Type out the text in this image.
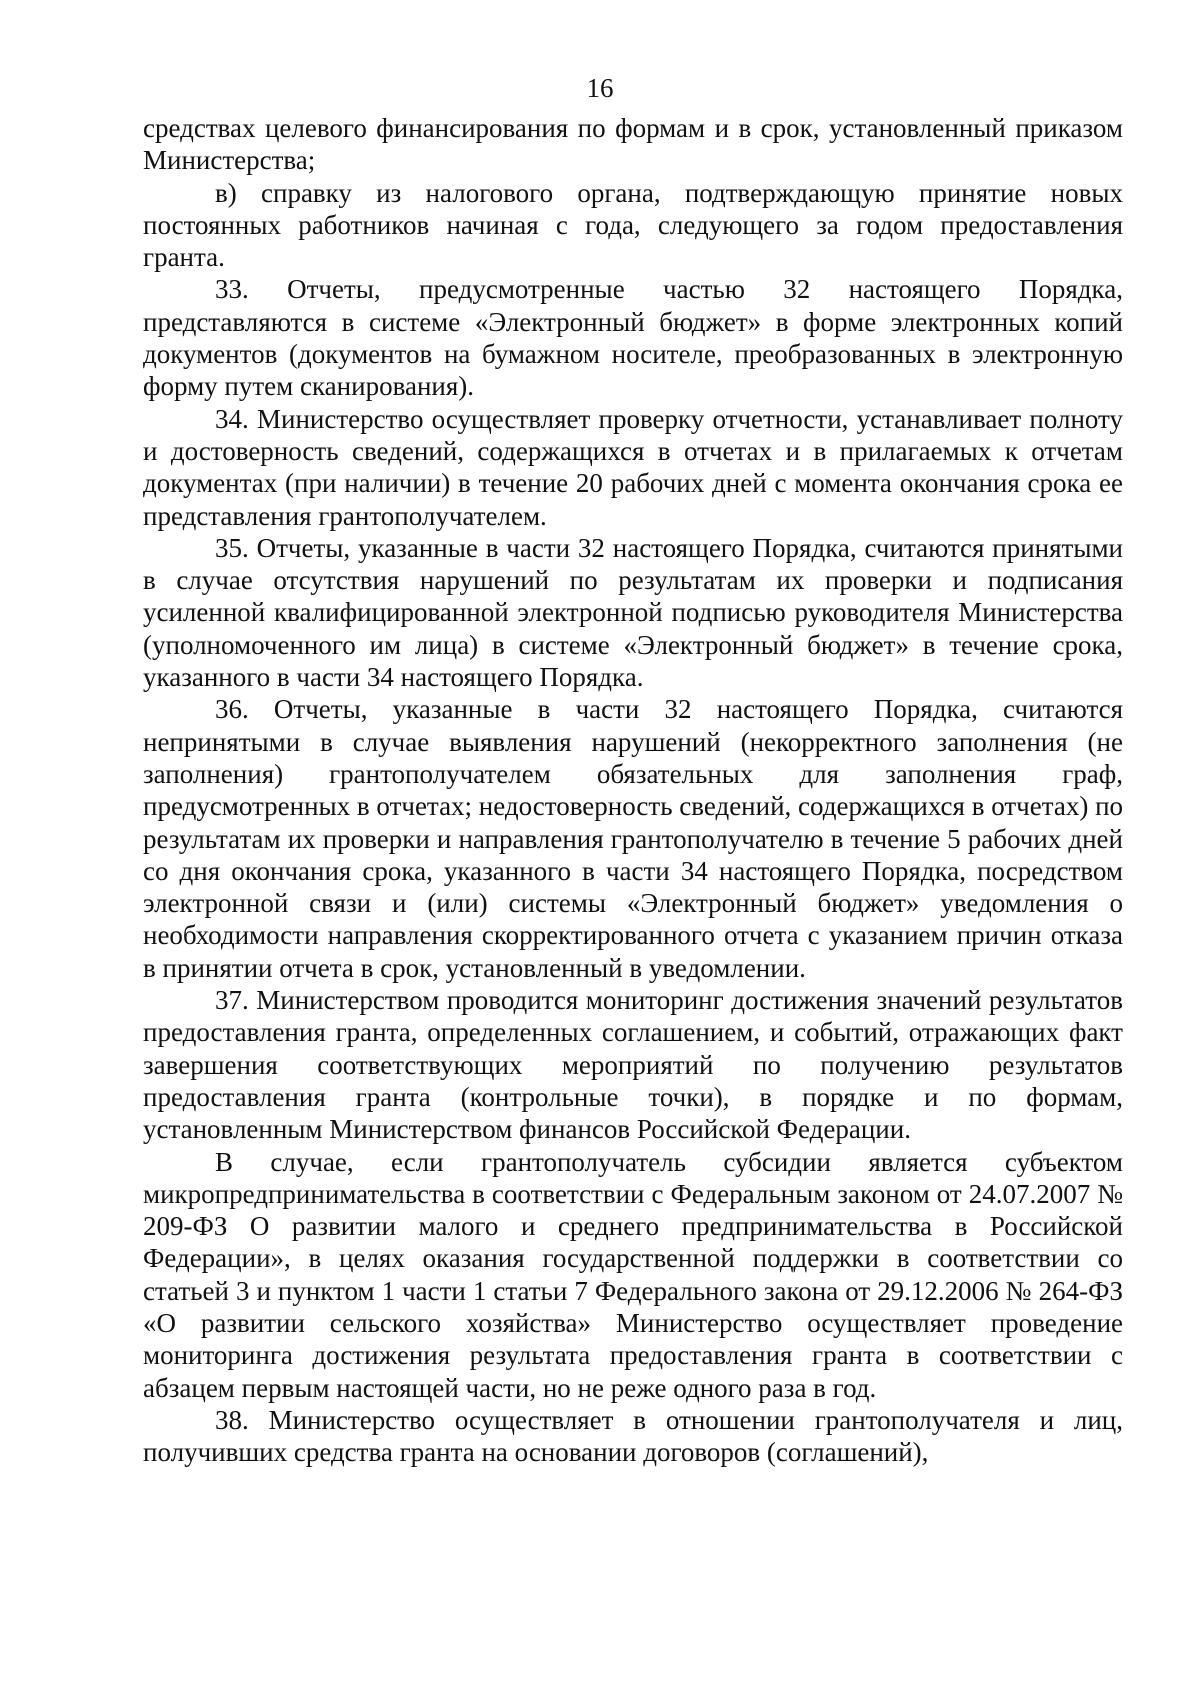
16

средствах целевого финансирования по формам и в срок, установленный приказом Министерства;

в) справку из налогового органа, подтверждающую принятие новых постоянных работников начиная с года, следующего за годом предоставления гранта.

33. Отчеты, предусмотренные частью 32 настоящего Порядка, представляются в системе «Электронный бюджет» в форме электронных копий документов (документов на бумажном носителе, преобразованных в электронную форму путем сканирования).

34. Министерство осуществляет проверку отчетности, устанавливает полноту и достоверность сведений, содержащихся в отчетах и в прилагаемых к отчетам документах (при наличии) в течение 20 рабочих дней с момента окончания срока ее представления грантополучателем.

35. Отчеты, указанные в части 32 настоящего Порядка, считаются принятыми в случае отсутствия нарушений по результатам их проверки и подписания усиленной квалифицированной электронной подписью руководителя Министерства (уполномоченного им лица) в системе «Электронный бюджет» в течение срока, указанного в части 34 настоящего Порядка.

36. Отчеты, указанные в части 32 настоящего Порядка, считаются непринятыми в случае выявления нарушений (некорректного заполнения (не заполнения) грантополучателем обязательных для заполнения граф, предусмотренных в отчетах; недостоверность сведений, содержащихся в отчетах) по результатам их проверки и направления грантополучателю в течение 5 рабочих дней со дня окончания срока, указанного в части 34 настоящего Порядка, посредством электронной связи и (или) системы «Электронный бюджет» уведомления о необходимости направления скорректированного отчета с указанием причин отказа в принятии отчета в срок, установленный в уведомлении.

37. Министерством проводится мониторинг достижения значений результатов предоставления гранта, определенных соглашением, и событий, отражающих факт завершения соответствующих мероприятий по получению результатов предоставления гранта (контрольные точки), в порядке и по формам, установленным Министерством финансов Российской Федерации.

В случае, если грантополучатель субсидии является субъектом микропредпринимательства в соответствии с Федеральным законом от 24.07.2007 № 209-ФЗ О развитии малого и среднего предпринимательства в Российской Федерации», в целях оказания государственной поддержки в соответствии со статьей 3 и пунктом 1 части 1 статьи 7 Федерального закона от 29.12.2006 № 264-ФЗ «О развитии сельского хозяйства» Министерство осуществляет проведение мониторинга достижения результата предоставления гранта в соответствии с абзацем первым настоящей части, но не реже одного раза в год.

38. Министерство осуществляет в отношении грантополучателя и лиц, получивших средства гранта на основании договоров (соглашений),
